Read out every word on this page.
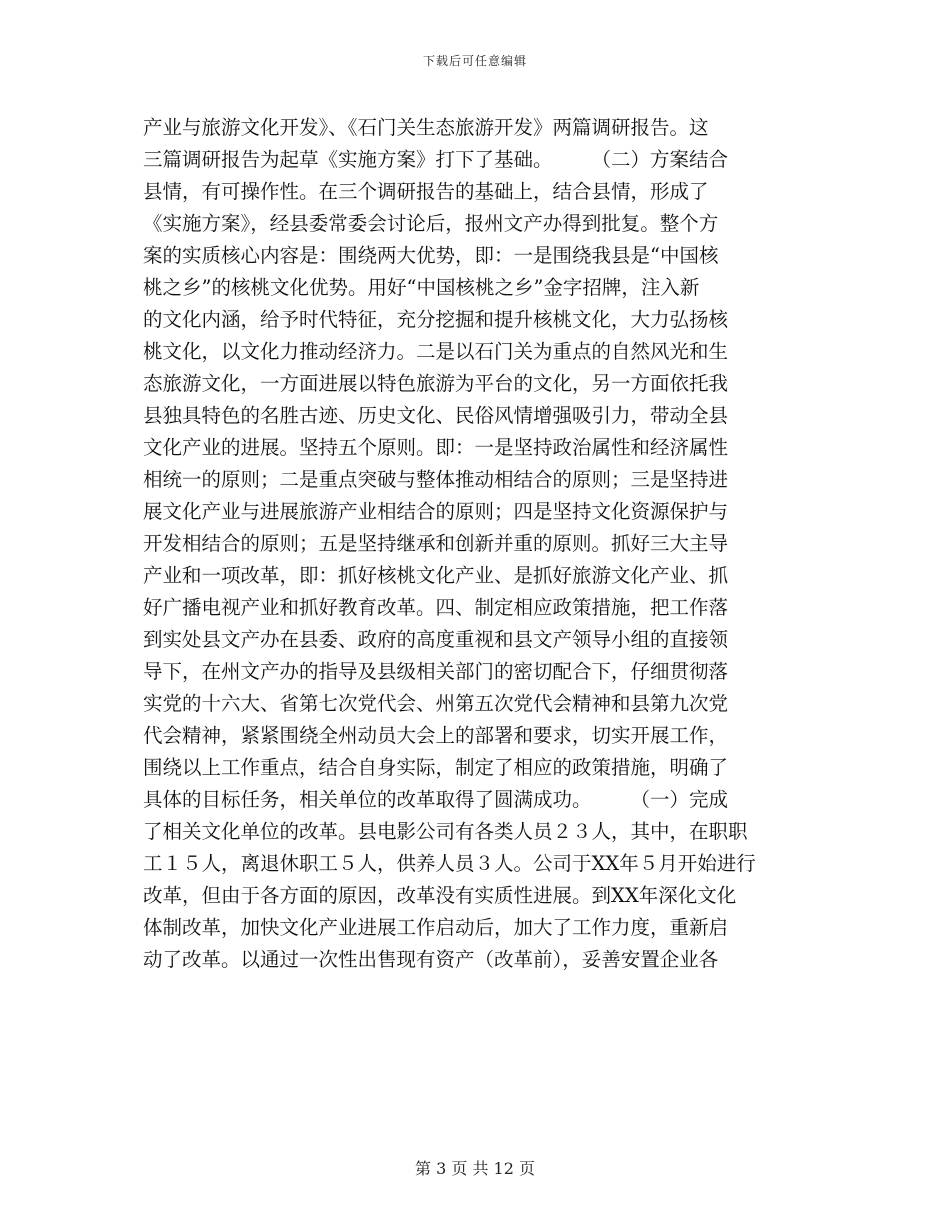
下载后可任意编辑
产业与旅游文化开发》、《石门关生态旅游开发》两篇调研报告。这
三篇调研报告为起草《实施方案》打下了基础。　　　（二）方案结合
县情，有可操作性。在三个调研报告的基础上，结合县情，形成了
《实施方案》，经县委常委会讨论后，报州文产办得到批复。整个方
案的实质核心内容是：围绕两大优势，即：一是围绕我县是“中国核
桃之乡”的核桃文化优势。用好“中国核桃之乡”金字招牌，注入新
的文化内涵，给予时代特征，充分挖掘和提升核桃文化，大力弘扬核
桃文化，以文化力推动经济力。二是以石门关为重点的自然风光和生
态旅游文化，一方面进展以特色旅游为平台的文化，另一方面依托我
县独具特色的名胜古迹、历史文化、民俗风情增强吸引力，带动全县
文化产业的进展。坚持五个原则。即：一是坚持政治属性和经济属性
相统一的原则；二是重点突破与整体推动相结合的原则；三是坚持进
展文化产业与进展旅游产业相结合的原则；四是坚持文化资源保护与
开发相结合的原则；五是坚持继承和创新并重的原则。抓好三大主导
产业和一项改革，即：抓好核桃文化产业、是抓好旅游文化产业、抓
好广播电视产业和抓好教育改革。四、制定相应政策措施，把工作落
到实处县文产办在县委、政府的高度重视和县文产领导小组的直接领
导下，在州文产办的指导及县级相关部门的密切配合下，仔细贯彻落
实党的十六大、省第七次党代会、州第五次党代会精神和县第九次党
代会精神，紧紧围绕全州动员大会上的部署和要求，切实开展工作，
围绕以上工作重点，结合自身实际，制定了相应的政策措施，明确了
具体的目标任务，相关单位的改革取得了圆满成功。　　　（一）完成
了相关文化单位的改革。县电影公司有各类人员２３人，其中，在职职
工１５人，离退休职工５人，供养人员３人。公司于XX年５月开始进行
改革，但由于各方面的原因，改革没有实质性进展。到XX年深化文化
体制改革，加快文化产业进展工作启动后，加大了工作力度，重新启
动了改革。以通过一次性出售现有资产（改革前），妥善安置企业各
第 3 页 共 12 页
